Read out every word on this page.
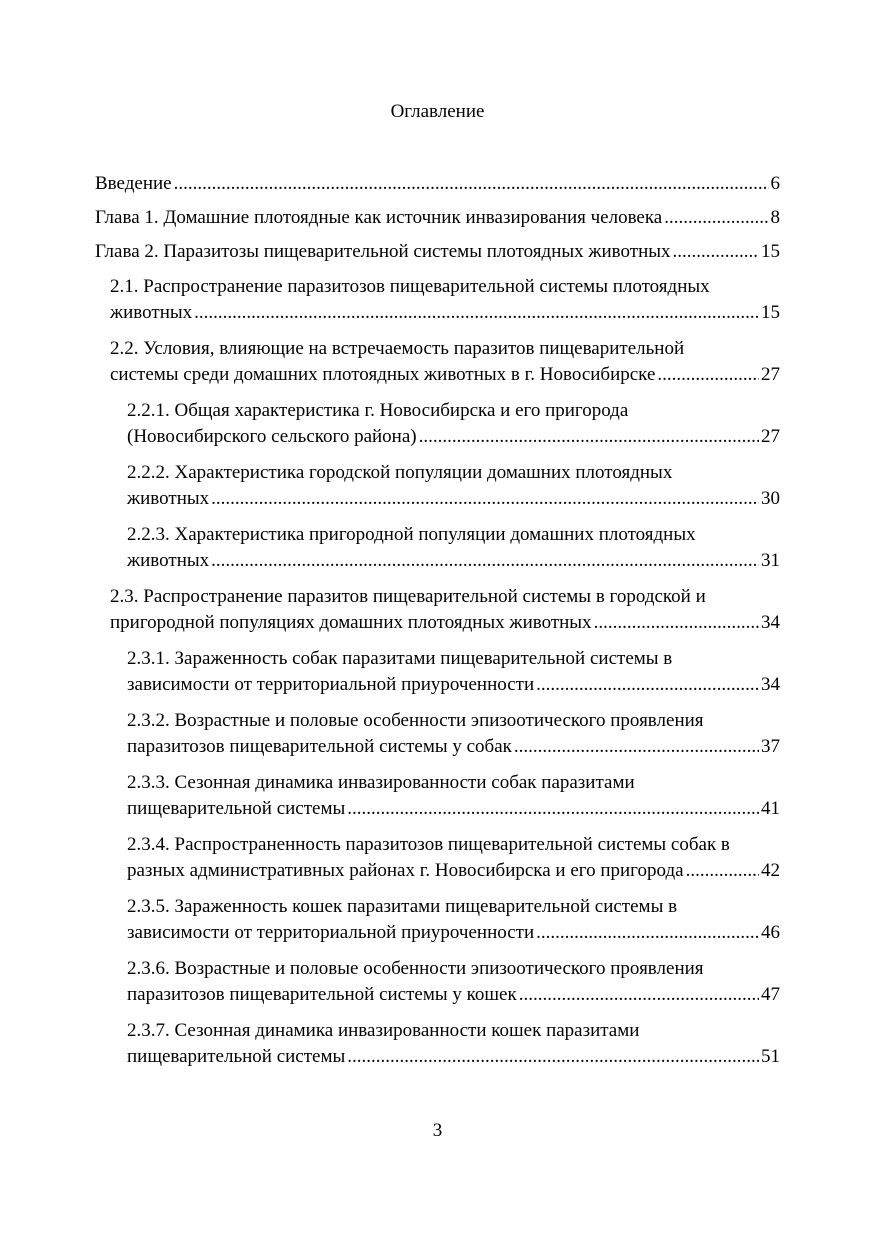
Оглавление
Введение .....	6
Глава 1. Домашние плотоядные как источник инвазирования человека .....	8
Глава 2. Паразитозы пищеварительной системы плотоядных животных .....	15
2.1. Распространение паразитозов пищеварительной системы плотоядных
животных .....	15
2.2. Условия, влияющие на встречаемость паразитов пищеварительной
системы среди домашних плотоядных животных в г. Новосибирске .....	27
2.2.1. Общая характеристика г. Новосибирска и его пригорода
(Новосибирского сельского района) .....	27
2.2.2. Характеристика городской популяции домашних плотоядных
животных .....	30
2.2.3. Характеристика пригородной популяции домашних плотоядных
животных .....	31
2.3. Распространение паразитов пищеварительной системы в городской и
пригородной популяциях домашних плотоядных животных .....	34
2.3.1. Зараженность собак паразитами пищеварительной системы в
зависимости от территориальной приуроченности .....	34
2.3.2. Возрастные и половые особенности эпизоотического проявления
паразитозов пищеварительной системы у собак .....	37
2.3.3. Сезонная динамика инвазированности собак паразитами
пищеварительной системы .....	41
2.3.4. Распространенность паразитозов пищеварительной системы собак в
разных административных районах г. Новосибирска и его пригорода .....	42
2.3.5. Зараженность кошек паразитами пищеварительной системы в
зависимости от территориальной приуроченности .....	46
2.3.6. Возрастные и половые особенности эпизоотического проявления
паразитозов пищеварительной системы у кошек .....	47
2.3.7. Сезонная динамика инвазированности кошек паразитами
пищеварительной системы .....	51
3
